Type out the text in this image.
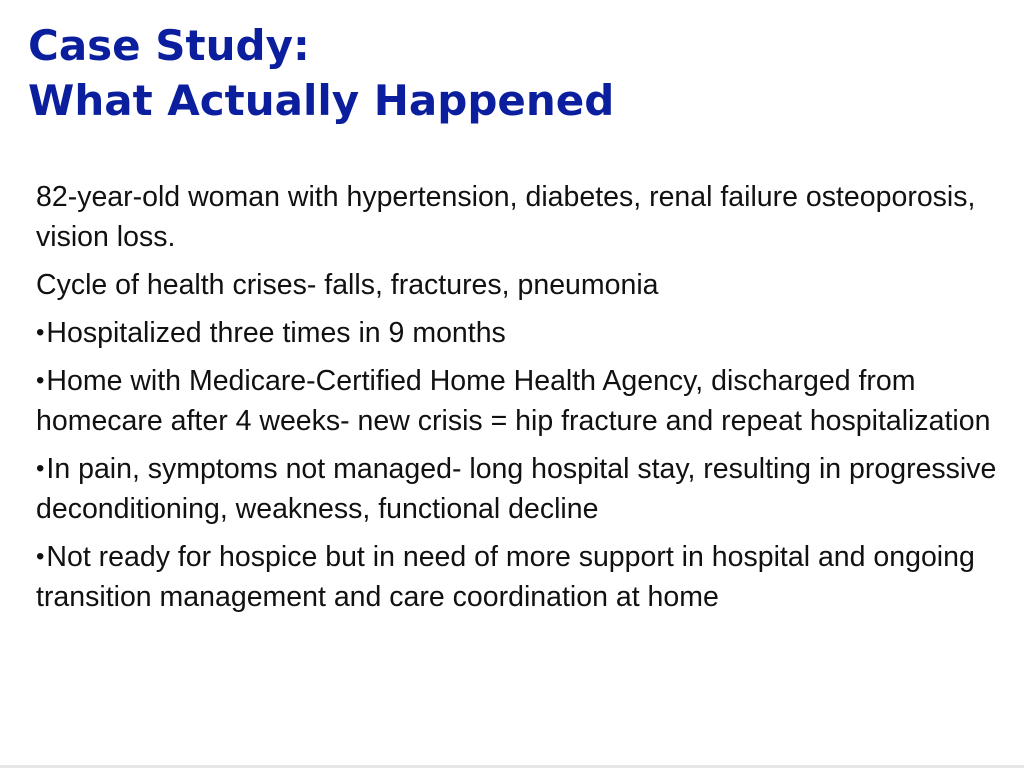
Case Study:
What Actually Happened

82-year-old woman with hypertension, diabetes, renal failure osteoporosis, vision loss.

Cycle of health crises- falls, fractures, pneumonia

•Hospitalized three times in 9 months

•Home with Medicare-Certified Home Health Agency, discharged from homecare after 4 weeks- new crisis = hip fracture and repeat hospitalization

•In pain, symptoms not managed- long hospital stay, resulting in progressive deconditioning, weakness, functional decline

•Not ready for hospice but in need of more support in hospital and ongoing transition management and care coordination at home
